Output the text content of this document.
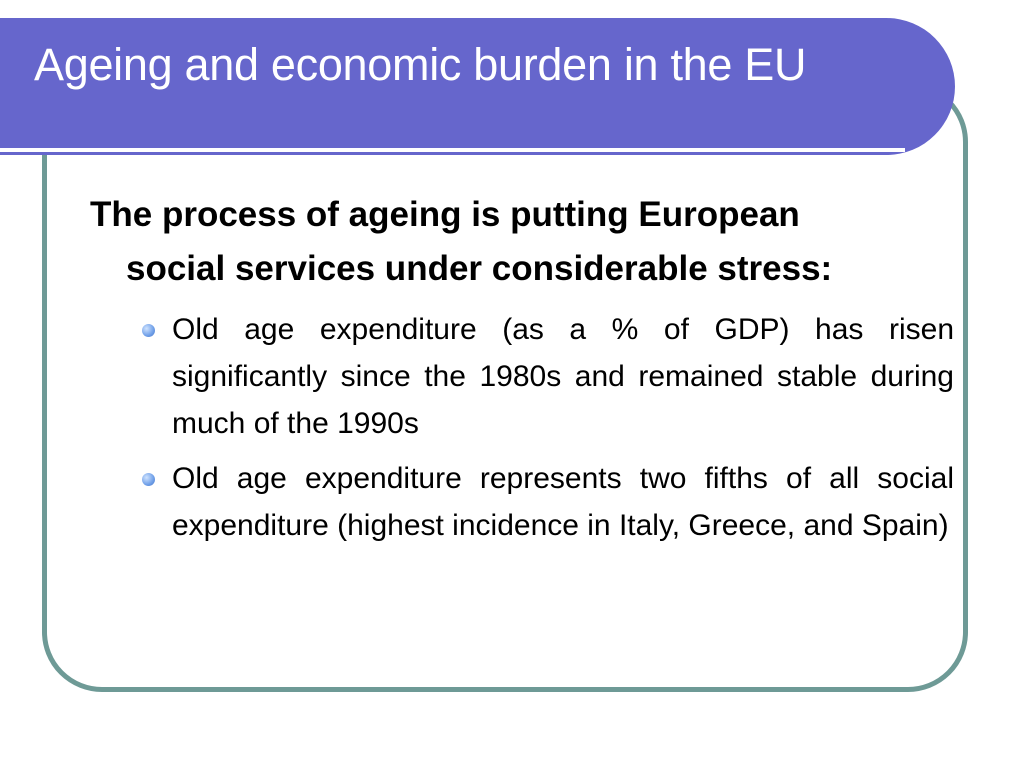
Ageing and economic burden in the EU

The process of ageing is putting European social services under considerable stress:

Old age expenditure (as a % of GDP) has risen significantly since the 1980s and remained stable during much of the 1990s
Old age expenditure represents two fifths of all social expenditure (highest incidence in Italy, Greece, and Spain)
